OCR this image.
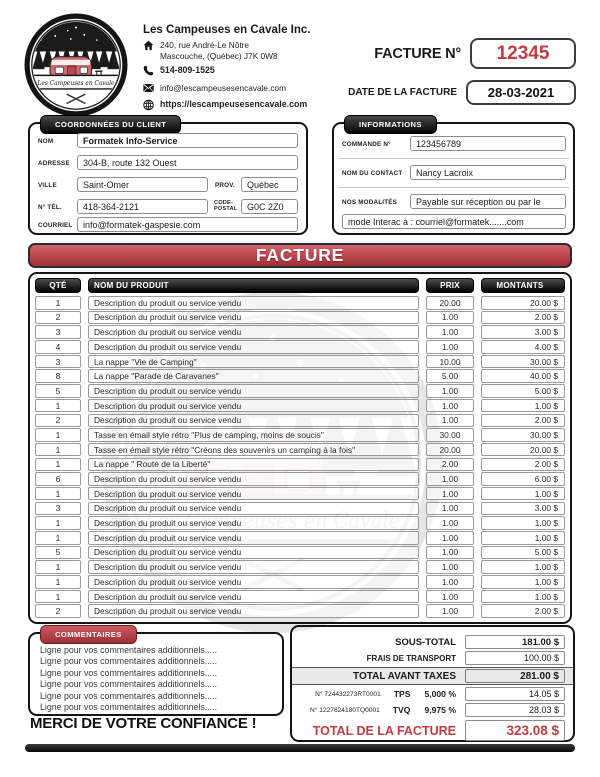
Les Campeuses en Cavale Inc.
240, rue André-Le Nôtre
Mascouche, (Québec) J7K 0W8
514-809-1525
info@lescampeusesencavale.com
https://lescampeusesencavale.com
FACTURE N°	12345
DATE DE LA FACTURE	28-03-2021
COORDONNÉES DU CLIENT
NOM	Formatek Info-Service
ADRESSE	304-B, route 132 Ouest
VILLE	Saint-Omer	PROV.	Québec
N° TÉL.	418-364-2121	CODE-
POSTAL	G0C 2Z0
COURRIEL	info@formatek-gaspesie.com
INFORMATIONS
COMMANDE N°	123456789
NOM DU CONTACT	Nancy Lacroix
NOS MODALITÉS	Payable sur réception ou par le
mode Interac à : courriel@formatek.......com
FACTURE
QTÉ	NOM DU PRODUIT	PRIX	MONTANTS
1	Description du produit ou service vendu	20.00	20.00 $
2	Description du produit ou service vendu	1.00	2.00 $
3	Description du produit ou service vendu	1.00	3.00 $
4	Description du produit ou service vendu	1.00	4.00 $
3	La nappe "Vie de Camping"	10.00	30.00 $
8	La nappe "Parade de Caravanes"	5.00	40.00 $
5	Description du produit ou service vendu	1.00	5.00 $
1	Description du produit ou service vendu	1.00	1.00 $
2	Description du produit ou service vendu	1.00	2.00 $
1	Tasse en émail style rétro "Plus de camping, moins de soucis"	30.00	30.00 $
1	Tasse en émail style rétro "Créons des souvenirs un camping à la fois"	20.00	20.00 $
1	La nappe " Route de la Liberté"	2.00	2.00 $
6	Description du produit ou service vendu	1.00	6.00 $
1	Description du produit ou service vendu	1.00	1.00 $
3	Description du produit ou service vendu	1.00	3.00 $
1	Description du produit ou service vendu	1.00	1.00 $
1	Description du produit ou service vendu	1.00	1.00 $
5	Description du produit ou service vendu	1.00	5.00 $
1	Description du produit ou service vendu	1.00	1.00 $
1	Description du produit ou service vendu	1.00	1.00 $
1	Description du produit ou service vendu	1.00	1.00 $
2	Description du produit ou service vendu	1.00	2.00 $
COMMENTAIRES
Ligne pour vos commentaires additionnels.....
Ligne pour vos commentaires additionnels.....
Ligne pour vos commentaires additionnels.....
Ligne pour vos commentaires additionnels.....
Ligne pour vos commentaires additionnels.....
Ligne pour vos commentaires additionnels.....
SOUS-TOTAL	181.00 $
FRAIS DE TRANSPORT	100.00 $
TOTAL AVANT TAXES	281.00 $
N° 724432273RT0001 TPS 5,000 %	14.05 $
N° 1227624180TQ0001 TVQ 9,975 %	28.03 $
TOTAL DE LA FACTURE	323.08 $
MERCI DE VOTRE CONFIANCE !
